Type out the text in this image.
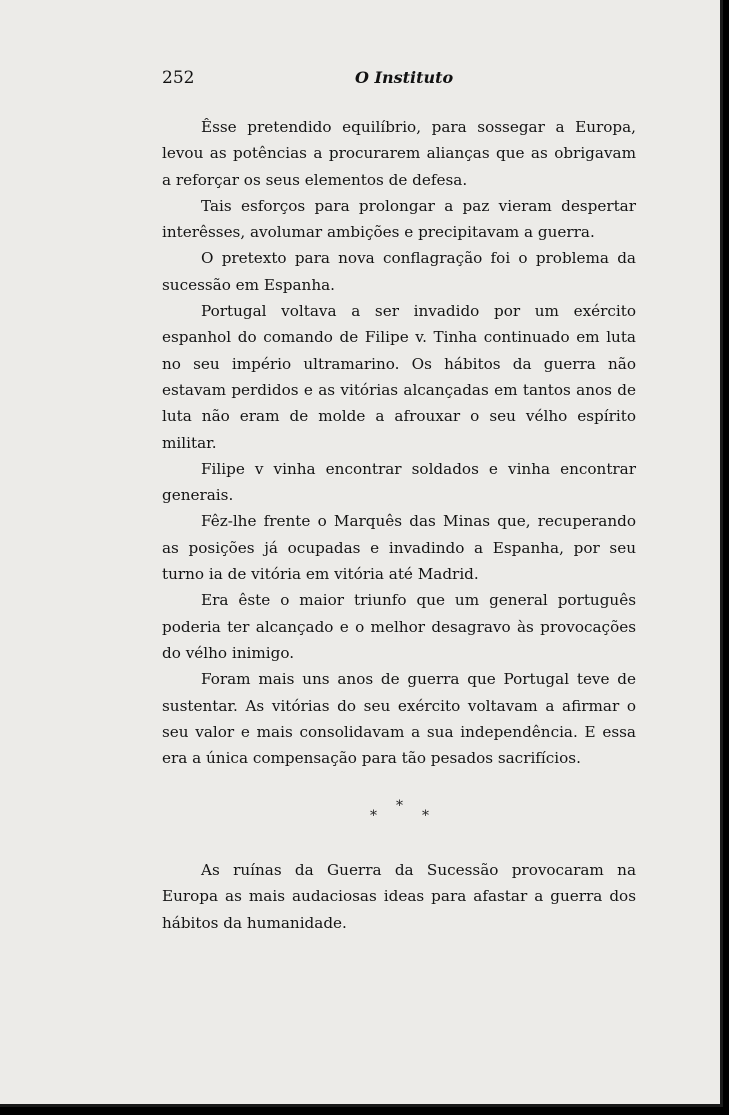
252	O Instituto

Êsse pretendido equilíbrio, para sossegar a Europa, levou as potências a procurarem alianças que as obrigavam a reforçar os seus elementos de defesa.

Tais esforços para prolongar a paz vieram despertar interêsses, avolumar ambições e precipitavam a guerra.

O pretexto para nova conflagração foi o problema da sucessão em Espanha.

Portugal voltava a ser invadido por um exército espanhol do comando de Filipe v. Tinha continuado em luta no seu império ultramarino. Os hábitos da guerra não estavam perdidos e as vitórias alcançadas em tantos anos de luta não eram de molde a afrouxar o seu vélho espírito militar.

Filipe v vinha encontrar soldados e vinha encontrar generais.

Fêz-lhe frente o Marquês das Minas que, recuperando as posições já ocupadas e invadindo a Espanha, por seu turno ia de vitória em vitória até Madrid.

Era êste o maior triunfo que um general português poderia ter alcançado e o melhor desagravo às provocações do vélho inimigo.

Foram mais uns anos de guerra que Portugal teve de sustentar. As vitórias do seu exército voltavam a afirmar o seu valor e mais consolidavam a sua independência. E essa era a única compensação para tão pesados sacrifícios.

*
*	*

As ruínas da Guerra da Sucessão provocaram na Europa as mais audaciosas ideas para afastar a guerra dos hábitos da humanidade.
